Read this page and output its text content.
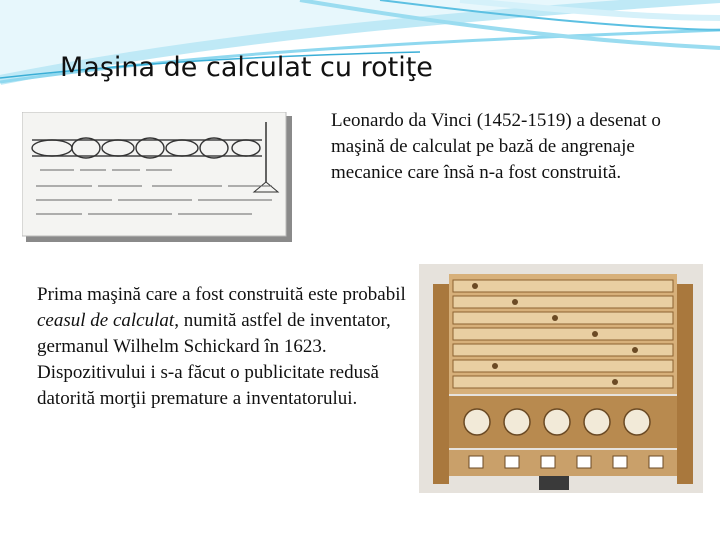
Maşina de calculat cu rotiţe
Leonardo da Vinci (1452-1519) a desenat o maşină de calculat pe bază de angrenaje mecanice care însă n-a fost construită.
Prima maşină care a fost construită este probabil ceasul de calculat, numită astfel de inventator, germanul Wilhelm Schickard în 1623. Dispozitivului i s-a făcut o publicitate redusă datorită morţii premature a inventatorului.
